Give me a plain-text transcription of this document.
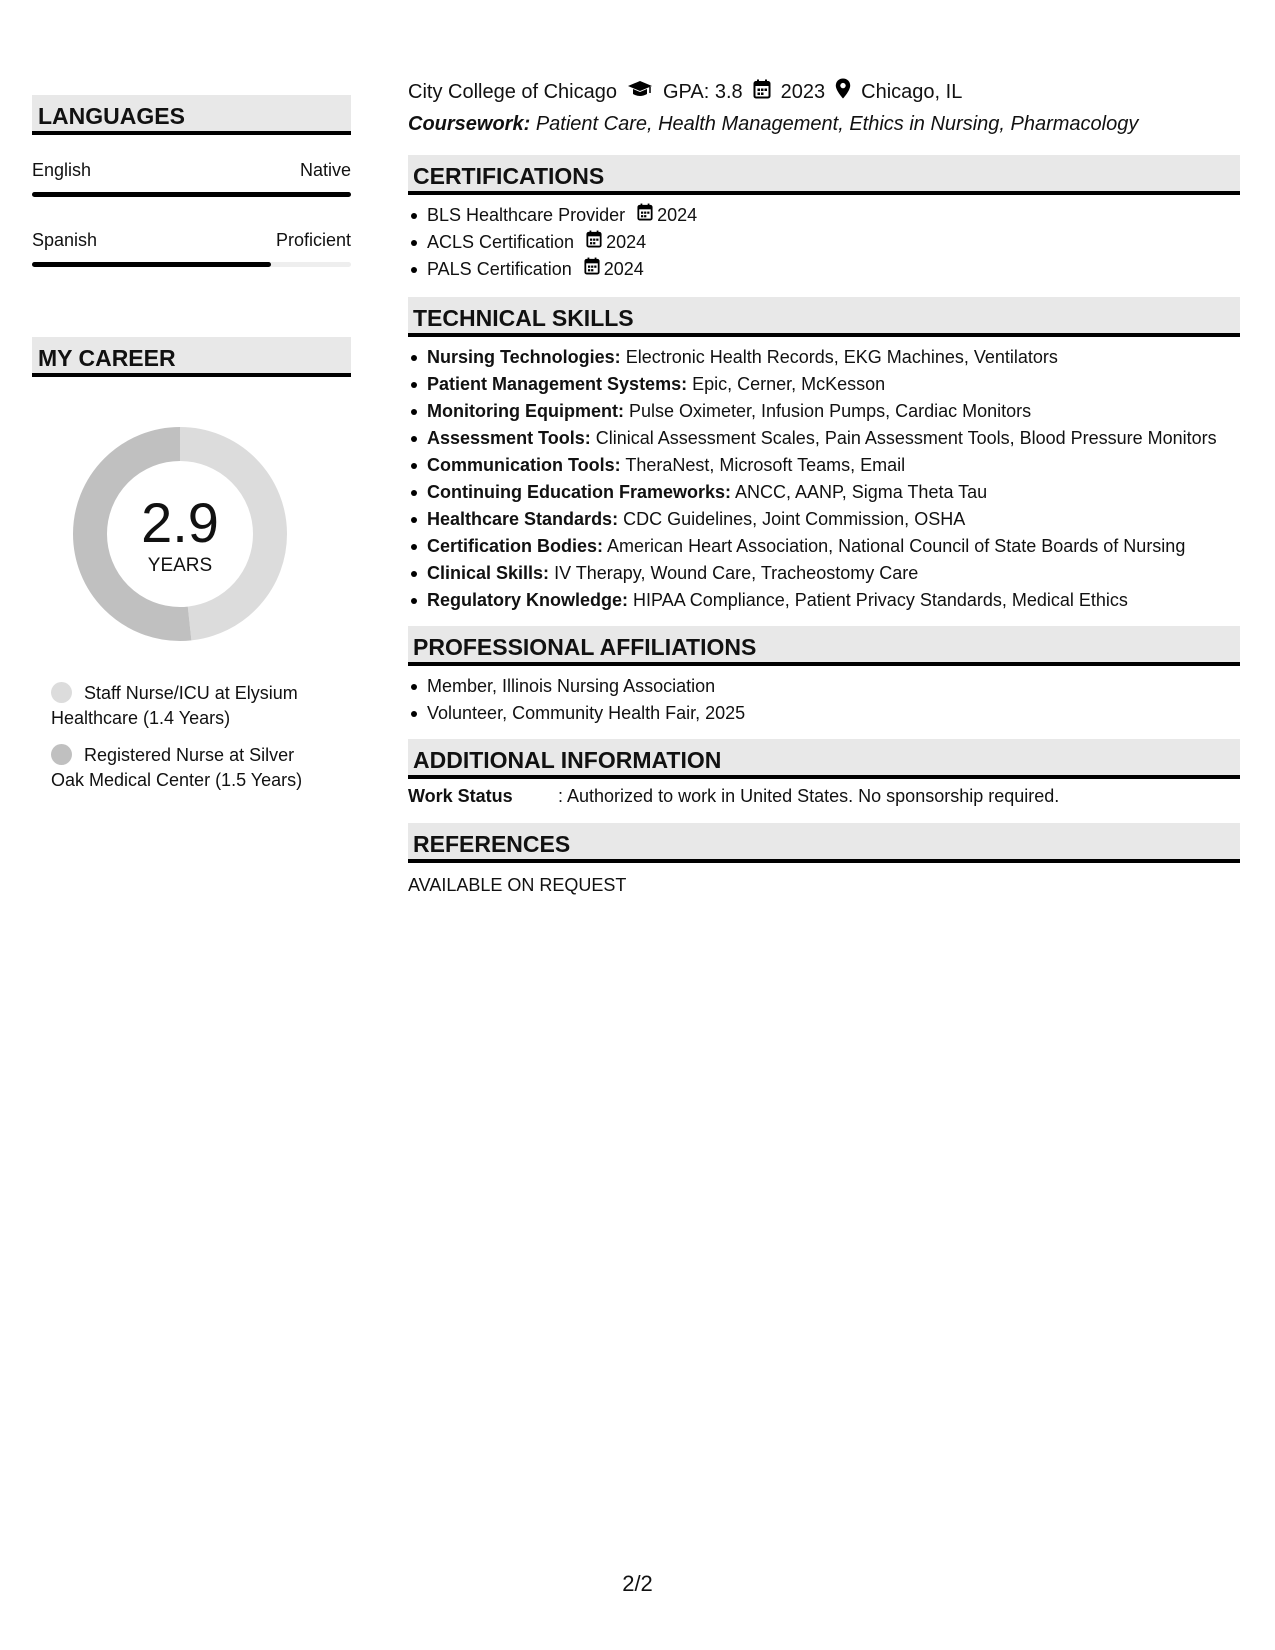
LANGUAGES
English	Native
Spanish	Proficient
MY CAREER
2.9
YEARS
Staff Nurse/ICU at Elysium Healthcare (1.4 Years)
Registered Nurse at Silver Oak Medical Center (1.5 Years)
City College of Chicago GPA: 3.8 2023 Chicago, IL
Coursework: Patient Care, Health Management, Ethics in Nursing, Pharmacology
CERTIFICATIONS
BLS Healthcare Provider 2024
ACLS Certification 2024
PALS Certification 2024
TECHNICAL SKILLS
Nursing Technologies: Electronic Health Records, EKG Machines, Ventilators
Patient Management Systems: Epic, Cerner, McKesson
Monitoring Equipment: Pulse Oximeter, Infusion Pumps, Cardiac Monitors
Assessment Tools: Clinical Assessment Scales, Pain Assessment Tools, Blood Pressure Monitors
Communication Tools: TheraNest, Microsoft Teams, Email
Continuing Education Frameworks: ANCC, AANP, Sigma Theta Tau
Healthcare Standards: CDC Guidelines, Joint Commission, OSHA
Certification Bodies: American Heart Association, National Council of State Boards of Nursing
Clinical Skills: IV Therapy, Wound Care, Tracheostomy Care
Regulatory Knowledge: HIPAA Compliance, Patient Privacy Standards, Medical Ethics
PROFESSIONAL AFFILIATIONS
Member, Illinois Nursing Association
Volunteer, Community Health Fair, 2025
ADDITIONAL INFORMATION
Work Status	: Authorized to work in United States. No sponsorship required.
REFERENCES
AVAILABLE ON REQUEST
2/2
